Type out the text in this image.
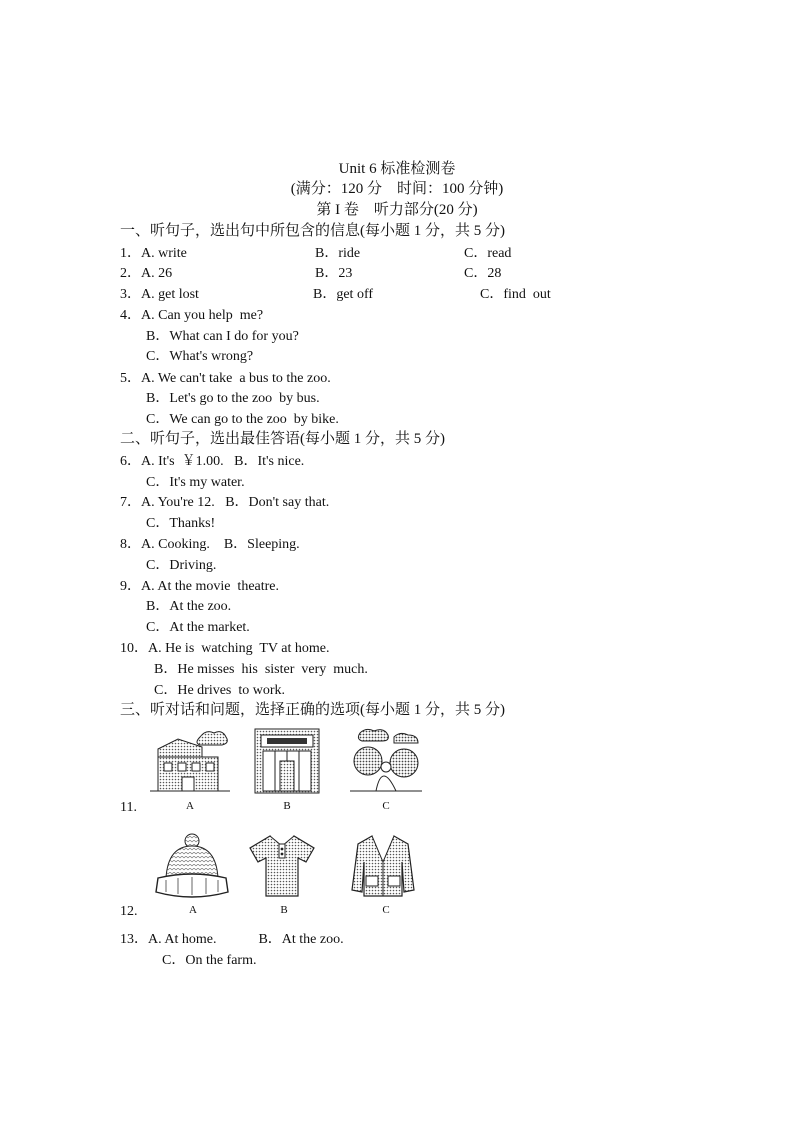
Unit 6 标准检测卷
(满分：120 分　时间：100 分钟)
第 I 卷　听力部分(20 分)
一、听句子，选出句中所包含的信息(每小题 1 分，共 5 分)
1．A. write	B．ride	C．read
2．A. 26	B．23	C．28
3．A. get lost	B．get off	C．find  out
4．A. Can you help  me?
B．What can I do for you?
C．What's wrong?
5．A. We can't take  a bus to the zoo.
B．Let's go to the zoo  by bus.
C．We can go to the zoo  by bike.
二、听句子，选出最佳答语(每小题 1 分，共 5 分)
6．A. It's  ￥1.00.   B．It's nice.
C．It's my water.
7．A. You're 12.   B．Don't say that.
C．Thanks!
8．A. Cooking.    B．Sleeping.
C．Driving.
9．A. At the movie  theatre.
B．At the zoo.
C．At the market.
10．A. He is  watching  TV at home.
B．He misses  his  sister  very  much.
C．He drives  to work.
三、听对话和问题，选择正确的选项(每小题 1 分，共 5 分)
11.	A	B	C
12.	A	B	C
13．A. At home.            B．At the zoo.
C．On the farm.
